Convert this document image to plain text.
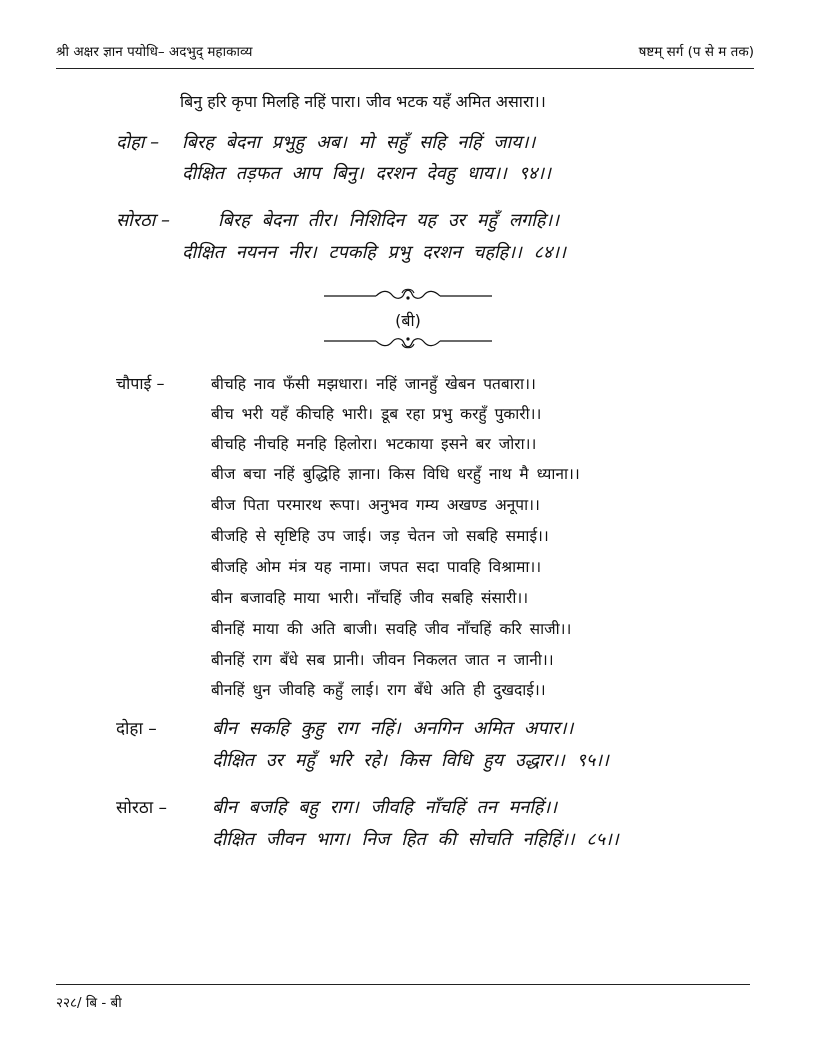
श्री अक्षर ज्ञान पयोधि– अदभुद् महाकाव्य	षष्टम् सर्ग (प से म तक)
बिनु हरि कृपा मिलहि नहिं पारा। जीव भटक यहँ अमित असारा।।
दोहा – बिरह बेदना प्रभुहु अब। मो सहुँ सहि नहिं जाय।।
दीक्षित तड़फत आप बिनु। दरशन देवहु धाय।। ९४।।
सोरठा –	बिरह बेदना तीर। निशिदिन यह उर महुँ लगहि।।
दीक्षित नयनन नीर। टपकहि प्रभु दरशन चहहि।। ८४।।
(बी)
चौपाई –	बीचहि नाव फँसी मझधारा। नहिं जानहुँ खेबन पतबारा।।
बीच भरी यहँ कीचहि भारी। डूब रहा प्रभु करहुँ पुकारी।।
बीचहि नीचहि मनहि हिलोरा। भटकाया इसने बर जोरा।।
बीज बचा नहिं बुद्धिहि ज्ञाना। किस विधि धरहुँ नाथ मै ध्याना।।
बीज पिता परमारथ रूपा। अनुभव गम्य अखण्ड अनूपा।।
बीजहि से सृष्टिहि उप जाई। जड़ चेतन जो सबहि समाई।।
बीजहि ओम मंत्र यह नामा। जपत सदा पावहि विश्रामा।।
बीन बजावहि माया भारी। नाँचहिं जीव सबहि संसारी।।
बीनहिं माया की अति बाजी। सवहि जीव नाँचहिं करि साजी।।
बीनहिं राग बँधे सब प्रानी। जीवन निकलत जात न जानी।।
बीनहिं धुन जीवहि कहुँ लाई। राग बँधे अति ही दुखदाई।।
दोहा –	बीन सकहि कुहु राग नहिं। अनगिन अमित अपार।।
दीक्षित उर महुँ भरि रहे। किस विधि हुय उद्धार।। ९५।।
सोरठा – बीन बजहि बहु राग। जीवहि नाँचहिं तन मनहिं।।
दीक्षित जीवन भाग। निज हित की सोचति नहिहिं।। ८५।।
२२८/ बि - बी
